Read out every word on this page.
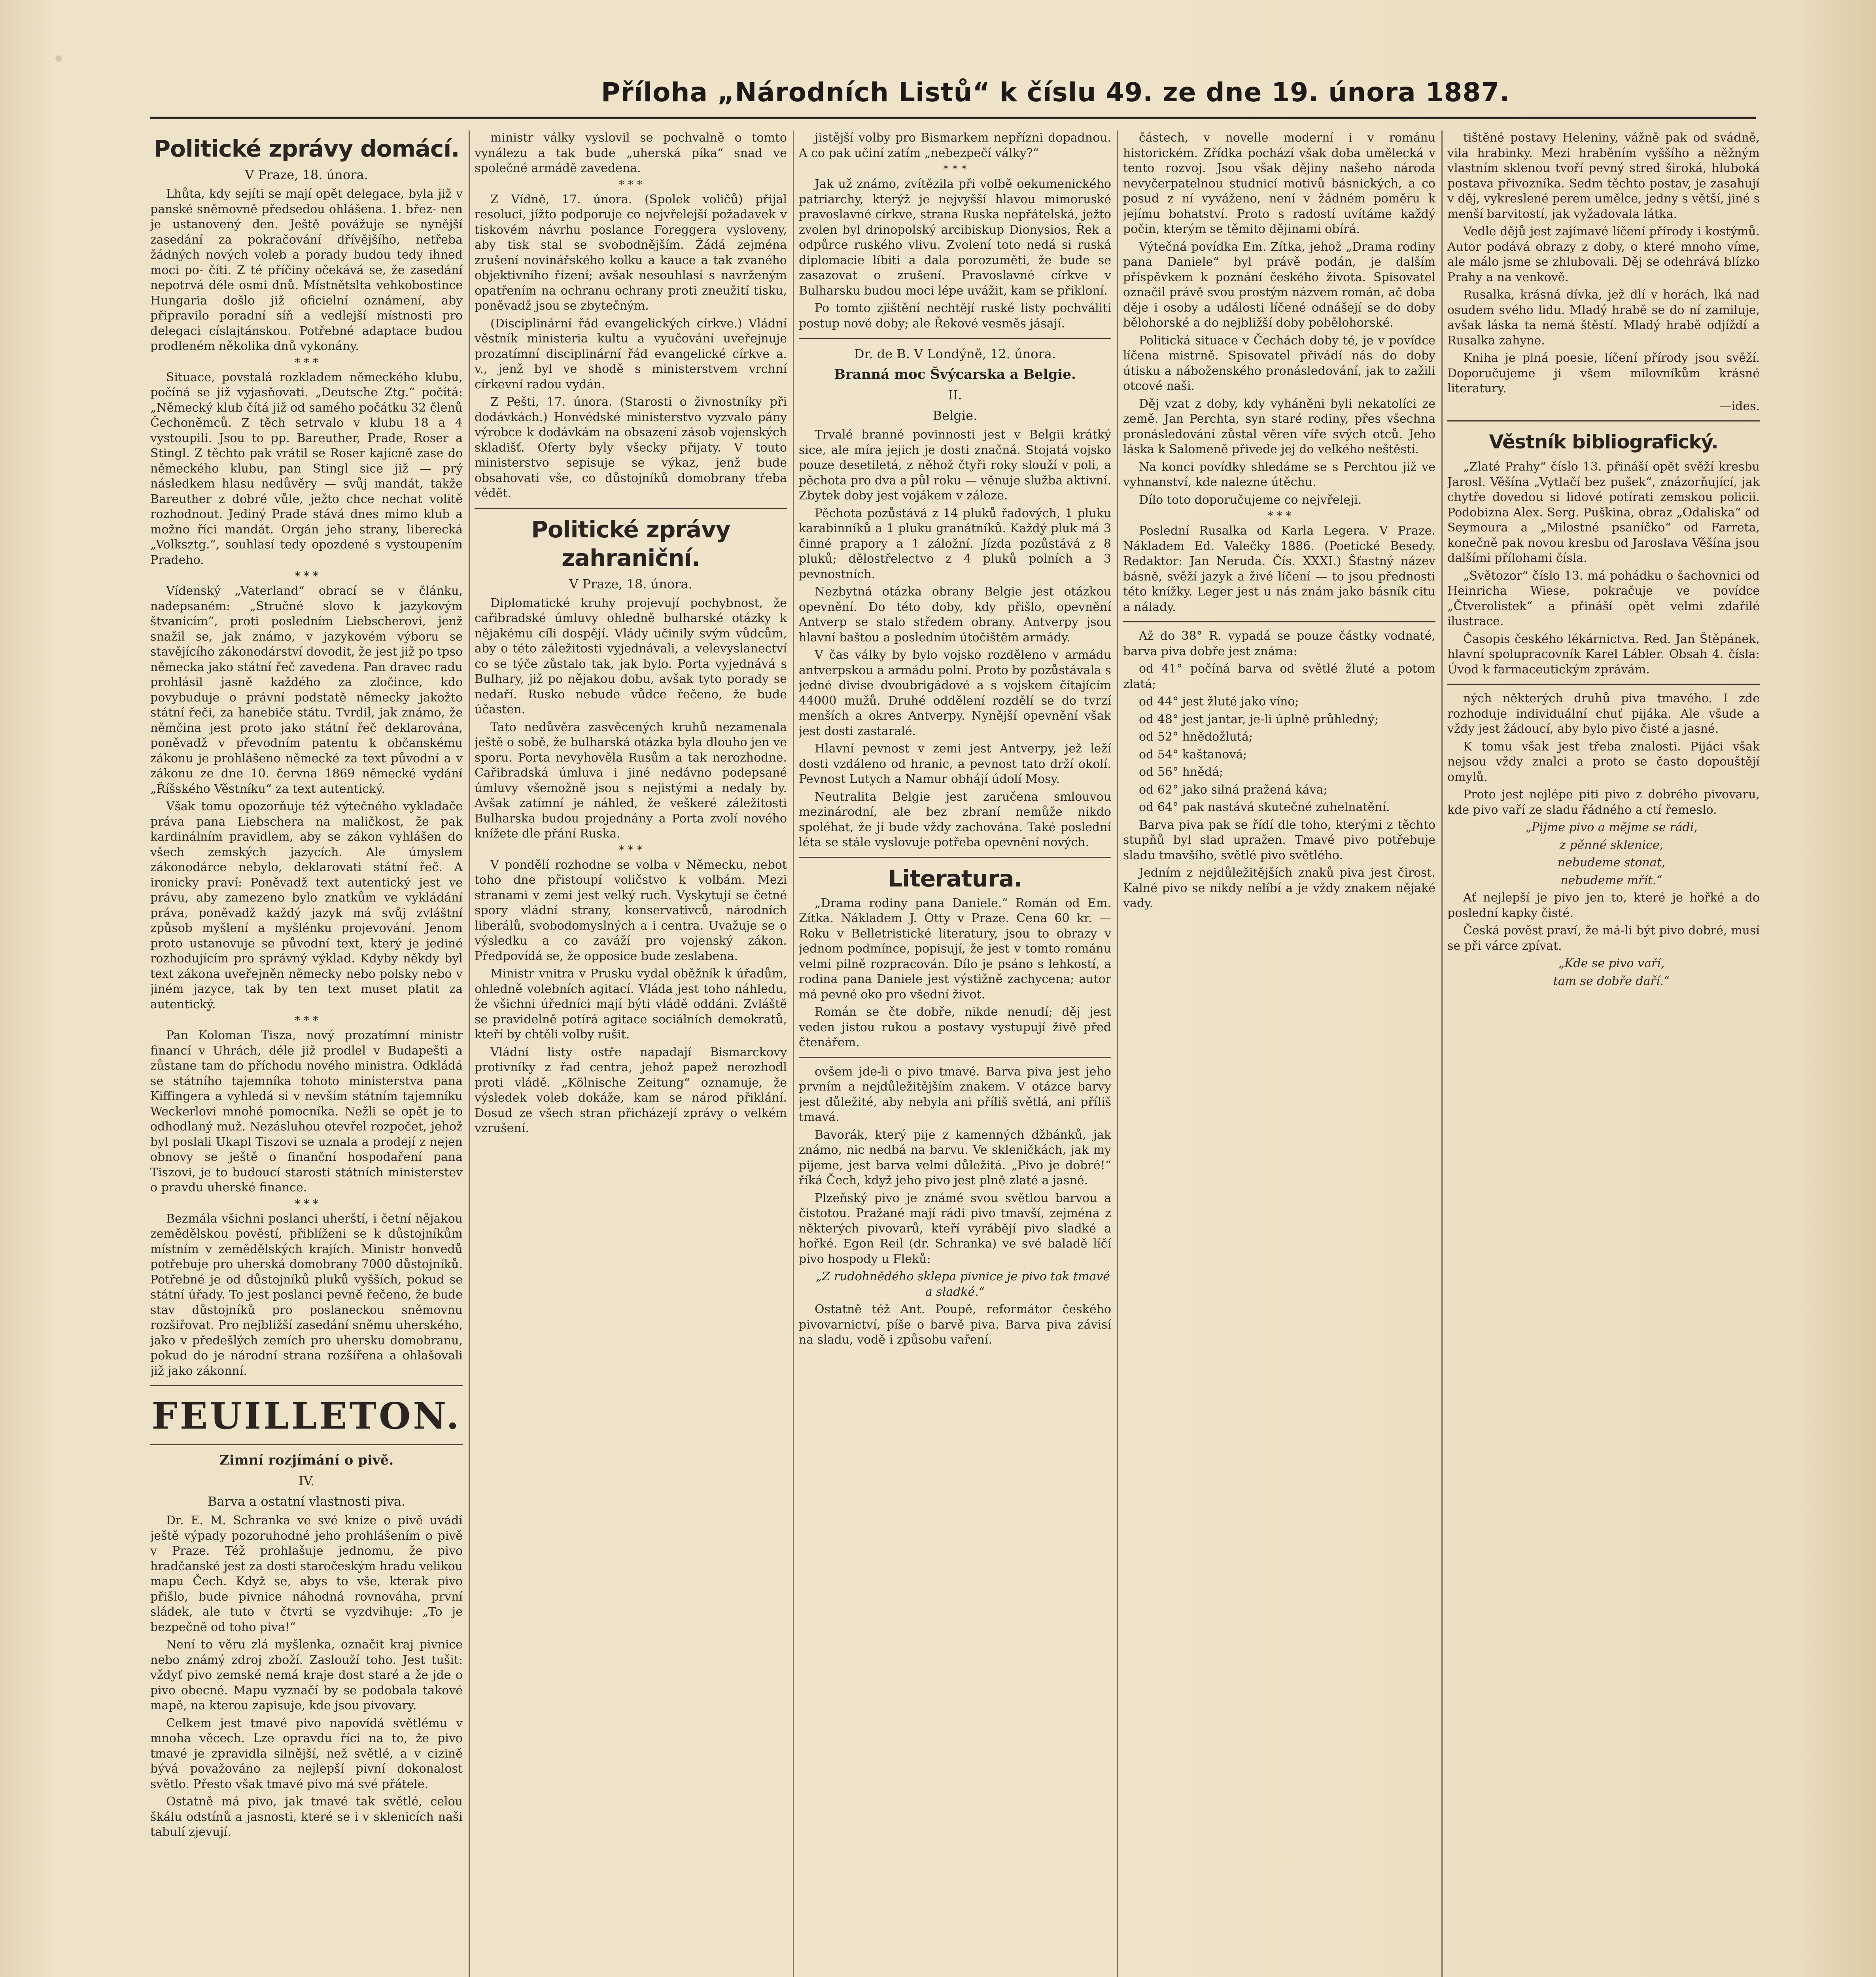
Příloha „Národních Listů“ k číslu 49. ze dne 19. února 1887.
Politické zprávy domácí.
V Praze, 18. února.

Lhůta, kdy sejíti se mají opět delegace, byla již v panské sněmovně předsedou ohlášena. 1. břez- nen je ustanovený den. Ještě povážuje se nynější zasedání za pokračování dřívějšího, netřeba žádných nových voleb a porady budou tedy ihned moci po- číti. Z té příčiny očekává se, že zasedání nepotrvá déle osmi dnů. Místnětslta vehkobostince Hungaria došlo již oficielní oznámení, aby připravilo poradní síň a vedlejší místnosti pro delegaci císlajtánskou. Potřebné adaptace budou prodleném několika dnů vykonány.

* * *

Situace, povstalá rozkladem německého klubu, počíná se již vyjasňovati. „Deutsche Ztg.“ počítá: „Německý klub čítá již od samého počátku 32 členů Čechoněmců. Z těch setrvalo v klubu 18 a 4 vystoupili. Jsou to pp. Bareuther, Prade, Roser a Stingl. Z těchto pak vrátil se Roser kajícně zase do německého klubu, pan Stingl sice již — prý následkem hlasu nedůvěry — svůj mandát, takže Bareuther z dobré vůle, ježto chce nechat volitě rozhodnout. Jediný Prade stává dnes mimo klub a možno říci mandát. Orgán jeho strany, liberecká „Volksztg.“, souhlasí tedy opozdené s vystoupením Pradeho.

* * *

Vídenský „Vaterland“ obrací se v článku, nadepsaném: „Stručné slovo k jazykovým štvanicím“, proti posledním Liebscherovi, jenž snažil se, jak známo, v jazykovém výboru se stavějícího zákonodárství dovodit, že jest již po tpso německa jako státní řeč zavedena. Pan dravec radu prohlásil jasně každého za zločince, kdo povybuduje o právní podstatě německy jakožto státní řeči, za hanebiče státu. Tvrdil, jak známo, že němčina jest proto jako státní řeč deklarována, poněvadž v převodním patentu k občanskému zákonu je prohlášeno německé za text původní a v zákonu ze dne 10. června 1869 německé vydání „Říšského Věstníku“ za text autentický.

Však tomu opozorňuje též výtečného vykladače práva pana Liebschera na maličkost, že pak kardinálním pravidlem, aby se zákon vyhlášen do všech zemských jazycích. Ale úmyslem zákonodárce nebylo, deklarovati státní řeč. A ironicky praví: Poněvadž text autentický jest ve právu, aby zamezeno bylo znatkům ve vykládání práva, poněvadž každý jazyk má svůj zvláštní způsob myšlení a myšlénku projevování. Jenom proto ustanovuje se původní text, který je jediné rozhodujícím pro správný výklad. Kdyby někdy byl text zákona uveřejněn německy nebo polsky nebo v jiném jazyce, tak by ten text muset platit za autentický.

* * *

Pan Koloman Tisza, nový prozatímní ministr financí v Uhrách, déle již prodlel v Budapešti a zůstane tam do příchodu nového ministra. Odkládá se státního tajemníka tohoto ministerstva pana Kiffingera a vyhledá si v nevším státním tajemníku Weckerlovi mnohé pomocníka. Nežli se opět je to odhodlaný muž. Nezásluhou otevřel rozpočet, jehož byl poslali Ukapl Tiszovi se uznala a prodejí z nejen obnovy se ještě o finanční hospodaření pana Tiszovi, je to budoucí starosti státních ministerstev o pravdu uherské finance.

* * *

Bezmála všichni poslanci uherští, i četní nějakou zemědělskou pověstí, přiblíženi se k důstojníkům místním v zemědělských krajích. Ministr honvedů potřebuje pro uherská domobrany 7000 důstojníků. Potřebné je od důstojníků pluků vyšších, pokud se státní úřady. To jest poslanci pevně řečeno, že bude stav důstojníků pro poslaneckou sněmovnu rozšiřovat. Pro nejbližší zasedání sněmu uherského, jako v předešlých zemích pro uhersku domobranu, pokud do je národní strana rozšířena a ohlašovali již jako zákonní.

FEUILLETON.
Zimní rozjímání o pivě.
IV.
Barva a ostatní vlastnosti piva.

Dr. E. M. Schranka ve své knize o pivě uvádí ještě výpady pozoruhodné jeho prohlášením o pivě v Praze. Též prohlašuje jednomu, že pivo hradčanské jest za dosti staročeským hradu velikou mapu Čech. Když se, abys to vše, kterak pivo přišlo, bude pivnice náhodná rovnováha, první sládek, ale tuto v čtvrti se vyzdvihuje: „To je bezpečně od toho piva!“

Není to věru zlá myšlenka, označit kraj pivnice nebo známý zdroj zboží. Zaslouží toho. Jest tušit: vždyť pivo zemské nemá kraje dost staré a že jde o pivo obecné. Mapu vyznačí by se podobala takové mapě, na kterou zapisuje, kde jsou pivovary.

Celkem jest tmavé pivo napovídá světlému v mnoha věcech. Lze opravdu říci na to, že pivo tmavé je zpravidla silnější, než světlé, a v cizině bývá považováno za nejlepší pivní dokonalost světlo. Přesto však tmavé pivo má své přátele.

Ostatně má pivo, jak tmavé tak světlé, celou škálu odstínů a jasnosti, které se i v sklenicích naši tabulí zjevují.

ministr války vyslovil se pochvalně o tomto vynálezu a tak bude „uherská píka“ snad ve společné armádě zavedena.

* * *

Z Vídně, 17. února. (Spolek voličů) přijal resoluci, jížto podporuje co nejvřelejší požadavek v tiskovém návrhu poslance Foreggera vysloveny, aby tisk stal se svobodnějším. Žádá zejména zrušení novinářského kolku a kauce a tak zvaného objektivního řízení; avšak nesouhlasí s navrženým opatřením na ochranu ochrany proti zneužití tisku, poněvadž jsou se zbytečným.

(Disciplinární řád evangelických církve.) Vládní věstník ministeria kultu a vyučování uveřejnuje prozatímní disciplinární řád evangelické církve a. v., jenž byl ve shodě s ministerstvem vrchní církevní radou vydán.

Z Pešti, 17. února. (Starosti o živnostníky při dodávkách.) Honvédské ministerstvo vyzvalo pány výrobce k dodávkám na obsazení zásob vojenských skladišť. Oferty byly všecky přijaty. V touto ministerstvo sepisuje se výkaz, jenž bude obsahovati vše, co důstojníků domobrany třeba vědět.

Politické zprávy zahraniční.
V Praze, 18. února.

Diplomatické kruhy projevují pochybnost, že cařibradské úmluvy ohledně bulharské otázky k nějakému cíli dospějí. Vlády učinily svým vůdcům, aby o této záležitosti vyjednávali, a velevyslanectví co se týče zůstalo tak, jak bylo. Porta vyjednává s Bulhary, již po nějakou dobu, avšak tyto porady se nedaří. Rusko nebude vůdce řečeno, že bude účasten.

Tato nedůvěra zasvěcených kruhů nezamenala ještě o sobě, že bulharská otázka byla dlouho jen ve sporu. Porta nevyhověla Rusům a tak nerozhodne. Cařibradská úmluva i jiné nedávno podepsané úmluvy všemožně jsou s nejistými a nedaly by. Avšak zatímní je náhled, že veškeré záležitosti Bulharska budou projednány a Porta zvolí nového knížete dle přání Ruska.

* * *

V pondělí rozhodne se volba v Německu, nebot toho dne přistoupí voličstvo k volbám. Mezi stranami v zemi jest velký ruch. Vyskytují se četné spory vládní strany, konservativců, národních liberálů, svobodomyslných a i centra. Uvažuje se o výsledku a co zaváží pro vojenský zákon. Předpovídá se, že opposice bude zeslabena.

Ministr vnitra v Prusku vydal oběžník k úřadům, ohledně volebních agitací. Vláda jest toho náhledu, že všichni úředníci mají býti vládě oddáni. Zvláště se pravidelně potírá agitace sociálních demokratů, kteří by chtěli volby rušit.

Vládní listy ostře napadají Bismarckovy protivníky z řad centra, jehož papež nerozhodl proti vládě. „Kölnische Zeitung“ oznamuje, že výsledek voleb dokáže, kam se národ přiklání. Dosud ze všech stran přicházejí zprávy o velkém vzrušení.

jistější volby pro Bismarkem nepřízni dopadnou. A co pak učiní zatím „nebezpečí války?“

* * *

Jak už známo, zvítězila při volbě oekumenického patriarchy, kterýž je nejvyšší hlavou mimoruské pravoslavné církve, strana Ruska nepřátelská, ježto zvolen byl drinopolský arcibiskup Dionysios, Řek a odpůrce ruského vlivu. Zvolení toto nedá si ruská diplomacie líbiti a dala porozuměti, že bude se zasazovat o zrušení. Pravoslavné církve v Bulharsku budou moci lépe uvážit, kam se přikloní.

Po tomto zjištění nechtějí ruské listy pochváliti postup nové doby; ale Řekové vesměs jásají.

Dr. de B. V Londýně, 12. února.
Branná moc Švýcarska a Belgie.
II.
Belgie.

Trvalé branné povinnosti jest v Belgii krátký sice, ale míra jejich je dosti značná. Stojatá vojsko pouze desetiletá, z něhož čtyři roky slouží v poli, a pěchota pro dva a půl roku — věnuje služba aktivní. Zbytek doby jest vojákem v záloze.

Pěchota pozůstává z 14 pluků řadových, 1 pluku karabinníků a 1 pluku granátníků. Každý pluk má 3 činné prapory a 1 záložní. Jízda pozůstává z 8 pluků; dělostřelectvo z 4 pluků polních a 3 pevnostních.

Nezbytná otázka obrany Belgie jest otázkou opevnění. Do této doby, kdy přišlo, opevnění Antverp se stalo středem obrany. Antverpy jsou hlavní baštou a posledním útočištěm armády.

V čas války by bylo vojsko rozděleno v armádu antverpskou a armádu polní. Proto by pozůstávala s jedné divise dvoubrigádové a s vojskem čítajícím 44000 mužů. Druhé oddělení rozdělí se do tvrzí menších a okres Antverpy. Nynější opevnění však jest dosti zastaralé.

Hlavní pevnost v zemi jest Antverpy, jež leží dosti vzdáleno od hranic, a pevnost tato drží okolí. Pevnost Lutych a Namur obhájí údolí Mosy.

Neutralita Belgie jest zaručena smlouvou mezinárodní, ale bez zbraní nemůže nikdo spoléhat, že jí bude vždy zachována. Také poslední léta se stále vyslovuje potřeba opevnění nových.

Literatura.

„Drama rodiny pana Daniele.“ Román od Em. Zítka. Nákladem J. Otty v Praze. Cena 60 kr. — Roku v Belletristické literatury, jsou to obrazy v jednom podmínce, popisují, že jest v tomto románu velmi pilně rozpracován. Dílo je psáno s lehkostí, a rodina pana Daniele jest výstižně zachycena; autor má pevné oko pro všední život.

Román se čte dobře, nikde nenudí; děj jest veden jistou rukou a postavy vystupují živě před čtenářem.

ovšem jde-li o pivo tmavé. Barva piva jest jeho prvním a nejdůležitějším znakem. V otázce barvy jest důležité, aby nebyla ani příliš světlá, ani příliš tmavá.

Bavorák, který pije z kamenných džbánků, jak známo, nic nedbá na barvu. Ve skleničkách, jak my pijeme, jest barva velmi důležitá. „Pivo je dobré!“ říká Čech, když jeho pivo jest plně zlaté a jasné.

Plzeňský pivo je známé svou světlou barvou a čistotou. Pražané mají rádi pivo tmavší, zejména z některých pivovarů, kteří vyrábějí pivo sladké a hořké. Egon Reil (dr. Schranka) ve své baladě líčí pivo hospody u Fleků:

„Z rudohnědého sklepa pivnice je pivo tak tmavé a sladké.“

Ostatně též Ant. Poupě, reformátor českého pivovarnictví, píše o barvě piva. Barva piva závisí na sladu, vodě i způsobu vaření.

částech, v novelle moderní i v románu historickém. Zřídka pochází však doba umělecká v tento rozvoj. Jsou však dějiny našeho národa nevyčerpatelnou studnicí motivů básnických, a co posud z ní vyváženo, není v žádném poměru k jejímu bohatství. Proto s radostí uvítáme každý počin, kterým se těmito dějinami obírá.

Výtečná povídka Em. Zítka, jehož „Drama rodiny pana Daniele“ byl právě podán, je dalším příspěvkem k poznání českého života. Spisovatel označil právě svou prostým názvem román, ač doba děje i osoby a události líčené odnášejí se do doby bělohorské a do nejbližší doby pobělohorské.

Politická situace v Čechách doby té, je v povídce líčena mistrně. Spisovatel přivádí nás do doby útisku a náboženského pronásledování, jak to zažili otcové naši.

Děj vzat z doby, kdy vyháněni byli nekatolíci ze země. Jan Perchta, syn staré rodiny, přes všechna pronásledování zůstal věren víře svých otců. Jeho láska k Salomeně přivede jej do velkého neštěstí.

Na konci povídky shledáme se s Perchtou již ve vyhnanství, kde nalezne útěchu.

Dílo toto doporučujeme co nejvřeleji.

* * *

Poslední Rusalka od Karla Legera. V Praze. Nákladem Ed. Valečky 1886. (Poetické Besedy. Redaktor: Jan Neruda. Čís. XXXI.) Šťastný název básně, svěží jazyk a živé líčení — to jsou přednosti této knížky. Leger jest u nás znám jako básník citu a nálady.

Až do 38° R. vypadá se pouze částky vodnaté, barva piva dobře jest známa:

od 41° počíná barva od světlé žluté a potom zlatá;

od 44° jest žluté jako víno;

od 48° jest jantar, je-li úplně průhledný;

od 52° hnědožlutá;

od 54° kaštanová;

od 56° hnědá;

od 62° jako silná pražená káva;

od 64° pak nastává skutečné zuhelnatění.

Barva piva pak se řídí dle toho, kterými z těchto stupňů byl slad upražen. Tmavé pivo potřebuje sladu tmavšího, světlé pivo světlého.

Jedním z nejdůležitějších znaků piva jest čirost. Kalné pivo se nikdy nelíbí a je vždy znakem nějaké vady.

tištěné postavy Heleniny, vážně pak od svádně, vila hrabinky. Mezi hraběním vyššího a něžným vlastním sklenou tvoří pevný stred široká, hluboká postava přivozníka. Sedm těchto postav, je zasahují v děj, vykreslené perem umělce, jedny s větší, jiné s menší barvitostí, jak vyžadovala látka.

Vedle dějů jest zajímavé líčení přírody i kostýmů. Autor podává obrazy z doby, o které mnoho víme, ale málo jsme se zhlubovali. Děj se odehrává blízko Prahy a na venkově.

Rusalka, krásná dívka, jež dlí v horách, lká nad osudem svého lidu. Mladý hrabě se do ní zamiluje, avšak láska ta nemá štěstí. Mladý hrabě odjíždí a Rusalka zahyne.

Kniha je plná poesie, líčení přírody jsou svěží. Doporučujeme ji všem milovníkům krásné literatury.

—ides.

Věstník bibliografický.

„Zlaté Prahy“ číslo 13. přináší opět svěží kresbu Jarosl. Věšína „Vytlačí bez pušek“, znázorňující, jak chytře dovedou si lidové potírati zemskou policii. Podobizna Alex. Serg. Puškina, obraz „Odaliska“ od Seymoura a „Milostné psaníčko“ od Farreta, konečně pak novou kresbu od Jaroslava Věšína jsou dalšími přílohami čísla.

„Světozor“ číslo 13. má pohádku o šachovnici od Heinricha Wiese, pokračuje ve povídce „Čtverolistek“ a přináší opět velmi zdařilé ilustrace.

Časopis českého lékárnictva. Red. Jan Štěpánek, hlavní spolupracovník Karel Lábler. Obsah 4. čísla: Úvod k farmaceutickým zprávám.

ných některých druhů piva tmavého. I zde rozhoduje individuální chuť pijáka. Ale všude a vždy jest žádoucí, aby bylo pivo čisté a jasné.

K tomu však jest třeba znalosti. Pijáci však nejsou vždy znalci a proto se často dopouštějí omylů.

Proto jest nejlépe piti pivo z dobrého pivovaru, kde pivo vaří ze sladu řádného a ctí řemeslo.

„Pijme pivo a mějme se rádi,

z pěnné sklenice,

nebudeme stonat,

nebudeme mřít.“

Ať nejlepší je pivo jen to, které je hořké a do poslední kapky čisté.

Česká pověst praví, že má-li být pivo dobré, musí se při várce zpívat.

„Kde se pivo vaří,

tam se dobře daří.“
